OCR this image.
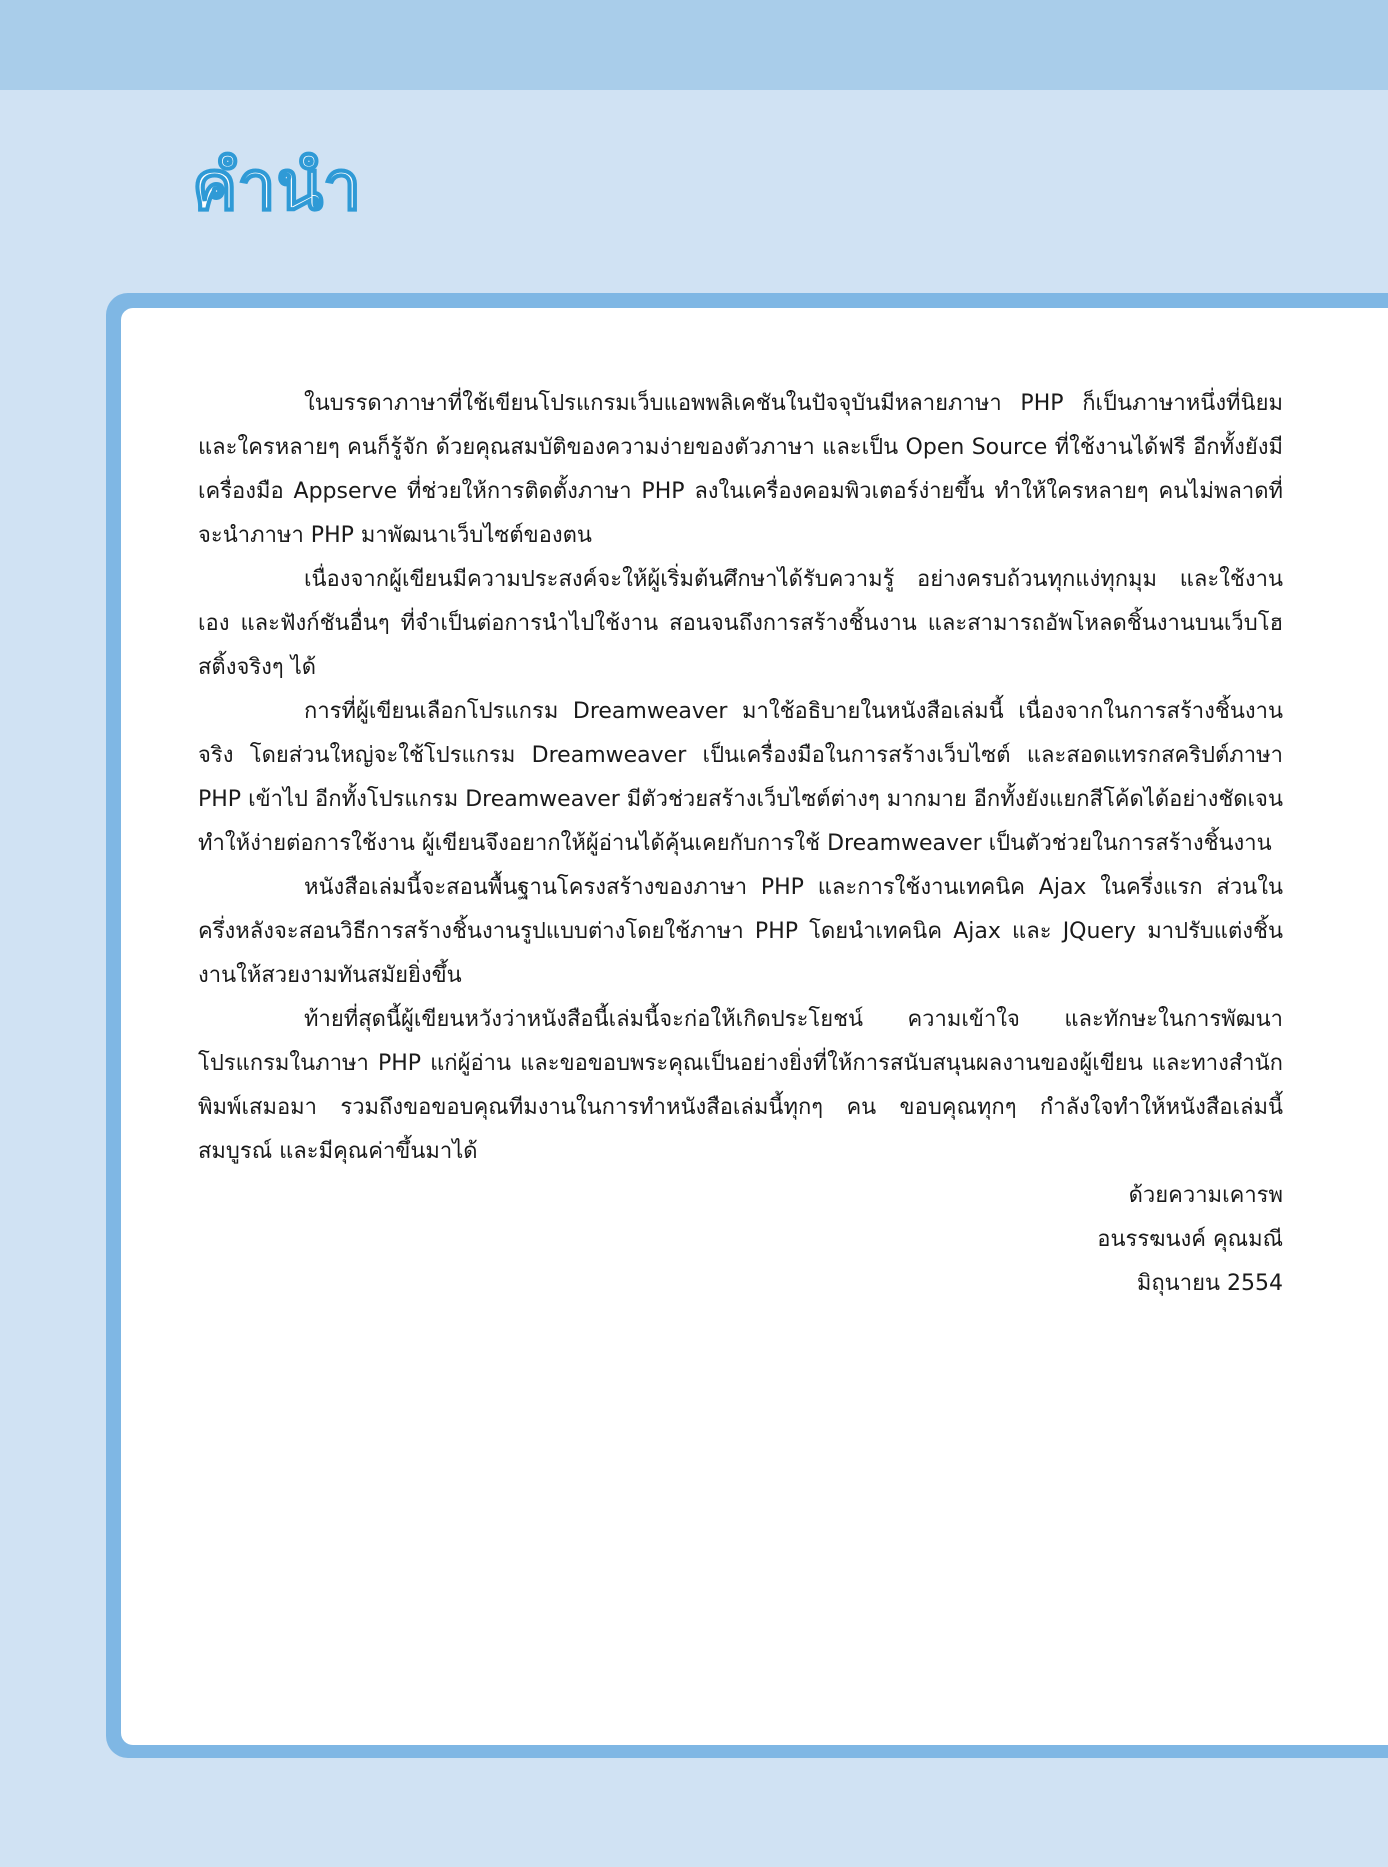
คำนำ

ในบรรดาภาษาที่ใช้เขียนโปรแกรมเว็บแอพพลิเคชันในปัจจุบันมีหลายภาษา PHP ก็เป็นภาษาหนึ่งที่นิยมและใครหลายๆ คนก็รู้จัก ด้วยคุณสมบัติของความง่ายของตัวภาษา และเป็น Open Source ที่ใช้งานได้ฟรี อีกทั้งยังมีเครื่องมือ Appserve ที่ช่วยให้การติดตั้งภาษา PHP ลงในเครื่องคอมพิวเตอร์ง่ายขึ้น ทำให้ใครหลายๆ คนไม่พลาดที่จะนำภาษา PHP มาพัฒนาเว็บไซต์ของตน

เนื่องจากผู้เขียนมีความประสงค์จะให้ผู้เริ่มต้นศึกษาได้รับความรู้ อย่างครบถ้วนทุกแง่ทุกมุม และใช้งานเอง และฟังก์ชันอื่นๆ ที่จำเป็นต่อการนำไปใช้งาน สอนจนถึงการสร้างชิ้นงาน และสามารถอัพโหลดชิ้นงานบนเว็บโฮสติ้งจริงๆ ได้

การที่ผู้เขียนเลือกโปรแกรม Dreamweaver มาใช้อธิบายในหนังสือเล่มนี้ เนื่องจากในการสร้างชิ้นงานจริง โดยส่วนใหญ่จะใช้โปรแกรม Dreamweaver เป็นเครื่องมือในการสร้างเว็บไซต์ และสอดแทรกสคริปต์ภาษา PHP เข้าไป อีกทั้งโปรแกรม Dreamweaver มีตัวช่วยสร้างเว็บไซต์ต่างๆ มากมาย อีกทั้งยังแยกสีโค้ดได้อย่างชัดเจนทำให้ง่ายต่อการใช้งาน ผู้เขียนจึงอยากให้ผู้อ่านได้คุ้นเคยกับการใช้ Dreamweaver เป็นตัวช่วยในการสร้างชิ้นงาน

หนังสือเล่มนี้จะสอนพื้นฐานโครงสร้างของภาษา PHP และการใช้งานเทคนิค Ajax ในครึ่งแรก ส่วนในครึ่งหลังจะสอนวิธีการสร้างชิ้นงานรูปแบบต่างโดยใช้ภาษา PHP โดยนำเทคนิค Ajax และ JQuery มาปรับแต่งชิ้นงานให้สวยงามทันสมัยยิ่งขึ้น

ท้ายที่สุดนี้ผู้เขียนหวังว่าหนังสือนี้เล่มนี้จะก่อให้เกิดประโยชน์ ความเข้าใจ และทักษะในการพัฒนาโปรแกรมในภาษา PHP แก่ผู้อ่าน และขอขอบพระคุณเป็นอย่างยิ่งที่ให้การสนับสนุนผลงานของผู้เขียน และทางสำนักพิมพ์เสมอมา รวมถึงขอขอบคุณทีมงานในการทำหนังสือเล่มนี้ทุกๆ คน ขอบคุณทุกๆ กำลังใจทำให้หนังสือเล่มนี้สมบูรณ์ และมีคุณค่าขึ้นมาได้

ด้วยความเคารพ
อนรรฆนงค์ คุณมณี
มิถุนายน 2554
